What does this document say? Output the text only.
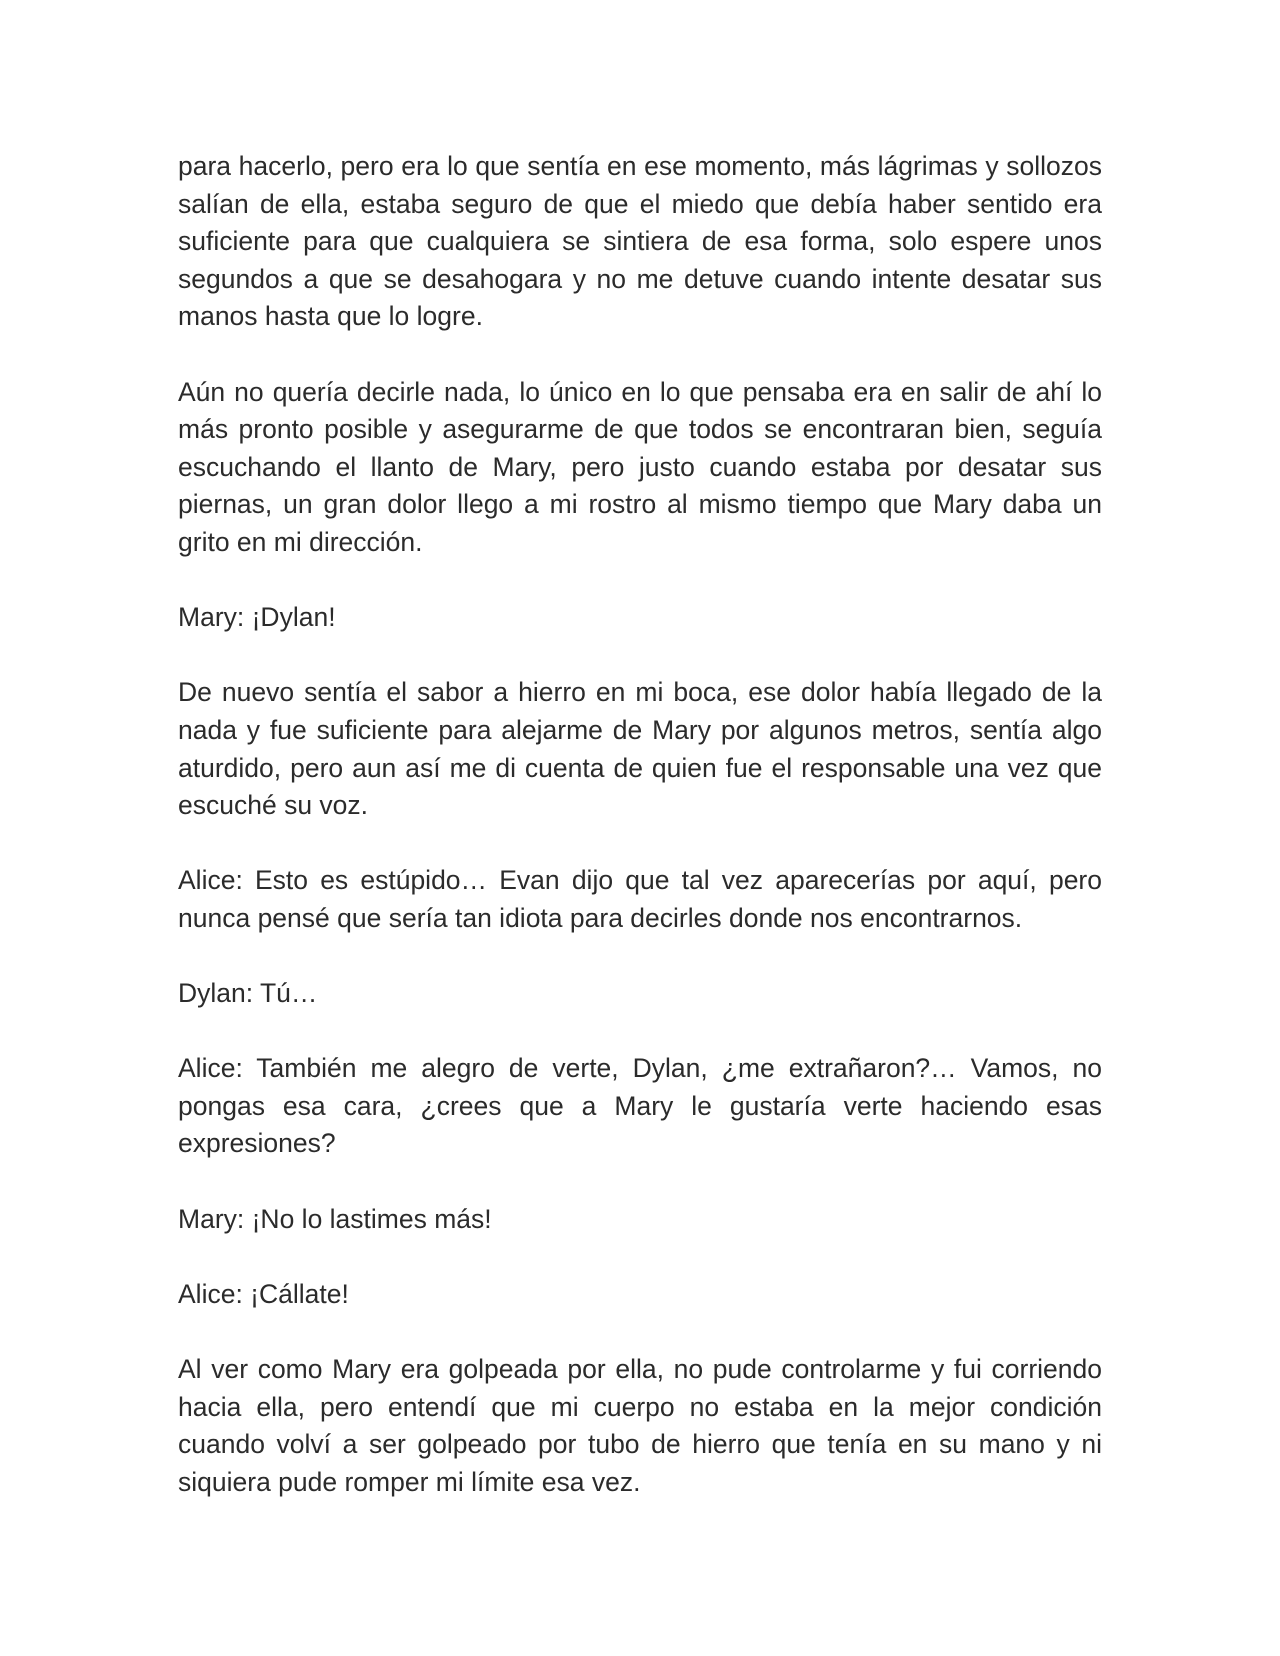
para hacerlo, pero era lo que sentía en ese momento, más lágrimas y sollozos salían de ella, estaba seguro de que el miedo que debía haber sentido era suficiente para que cualquiera se sintiera de esa forma, solo espere unos segundos a que se desahogara y no me detuve cuando intente desatar sus manos hasta que lo logre.

Aún no quería decirle nada, lo único en lo que pensaba era en salir de ahí lo más pronto posible y asegurarme de que todos se encontraran bien, seguía escuchando el llanto de Mary, pero justo cuando estaba por desatar sus piernas, un gran dolor llego a mi rostro al mismo tiempo que Mary daba un grito en mi dirección.

Mary: ¡Dylan!

De nuevo sentía el sabor a hierro en mi boca, ese dolor había llegado de la nada y fue suficiente para alejarme de Mary por algunos metros, sentía algo aturdido, pero aun así me di cuenta de quien fue el responsable una vez que escuché su voz.

Alice: Esto es estúpido… Evan dijo que tal vez aparecerías por aquí, pero nunca pensé que sería tan idiota para decirles donde nos encontrarnos.

Dylan: Tú…

Alice: También me alegro de verte, Dylan, ¿me extrañaron?… Vamos, no pongas esa cara, ¿crees que a Mary le gustaría verte haciendo esas expresiones?

Mary: ¡No lo lastimes más!

Alice: ¡Cállate!

Al ver como Mary era golpeada por ella, no pude controlarme y fui corriendo hacia ella, pero entendí que mi cuerpo no estaba en la mejor condición cuando volví a ser golpeado por tubo de hierro que tenía en su mano y ni siquiera pude romper mi límite esa vez.
